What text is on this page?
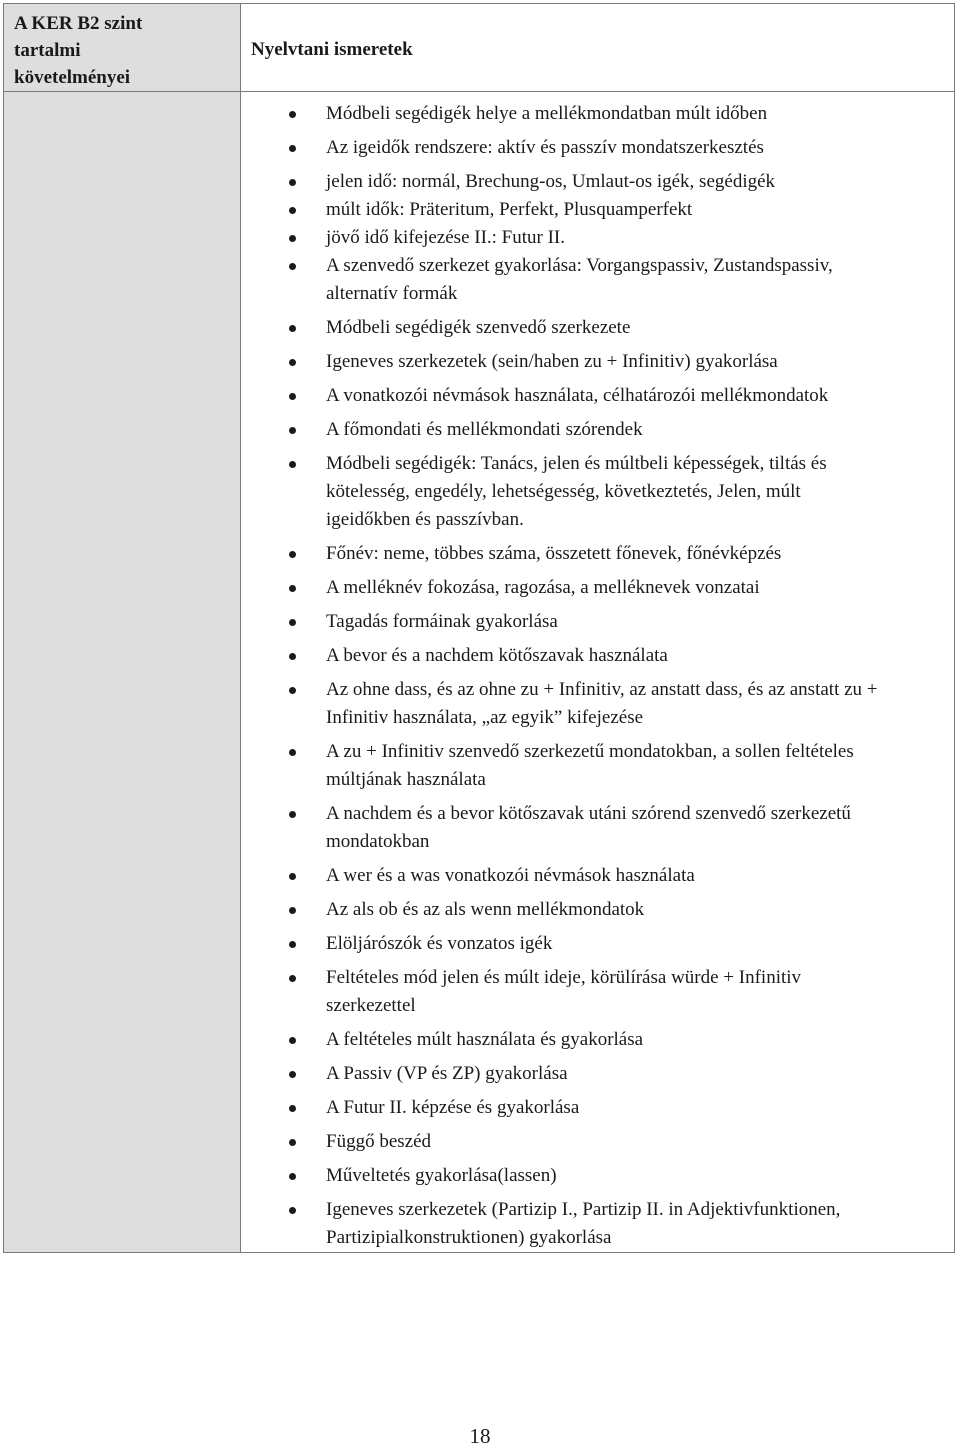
A KER B2 szint
tartalmi
követelményei
Nyelvtani ismeretek
Módbeli segédigék helye a mellékmondatban múlt időben
Az igeidők rendszere: aktív és passzív mondatszerkesztés
jelen idő: normál, Brechung-os, Umlaut-os igék, segédigék
múlt idők: Präteritum, Perfekt, Plusquamperfekt
jövő idő kifejezése II.: Futur II.
A szenvedő szerkezet gyakorlása: Vorgangspassiv, Zustandspassiv,
alternatív formák
Módbeli segédigék szenvedő szerkezete
Igeneves szerkezetek (sein/haben zu + Infinitiv) gyakorlása
A vonatkozói névmások használata, célhatározói mellékmondatok
A főmondati és mellékmondati szórendek
Módbeli segédigék: Tanács, jelen és múltbeli képességek, tiltás és
kötelesség, engedély, lehetségesség, következtetés, Jelen, múlt
igeidőkben és passzívban.
Főnév: neme, többes száma, összetett főnevek, főnévképzés
A melléknév fokozása, ragozása, a melléknevek vonzatai
Tagadás formáinak gyakorlása
A bevor és a nachdem kötőszavak használata
Az ohne dass, és az ohne zu + Infinitiv, az anstatt dass, és az anstatt zu +
Infinitiv használata, „az egyik” kifejezése
A zu + Infinitiv szenvedő szerkezetű mondatokban, a sollen feltételes
múltjának használata
A nachdem és a bevor kötőszavak utáni szórend szenvedő szerkezetű
mondatokban
A wer és a was vonatkozói névmások használata
Az als ob és az als wenn mellékmondatok
Elöljárószók és vonzatos igék
Feltételes mód jelen és múlt ideje, körülírása würde + Infinitiv
szerkezettel
A feltételes múlt használata és gyakorlása
A Passiv (VP és ZP) gyakorlása
A Futur II. képzése és gyakorlása
Függő beszéd
Műveltetés gyakorlása(lassen)
Igeneves szerkezetek (Partizip I., Partizip II. in Adjektivfunktionen,
Partizipialkonstruktionen) gyakorlása
18
